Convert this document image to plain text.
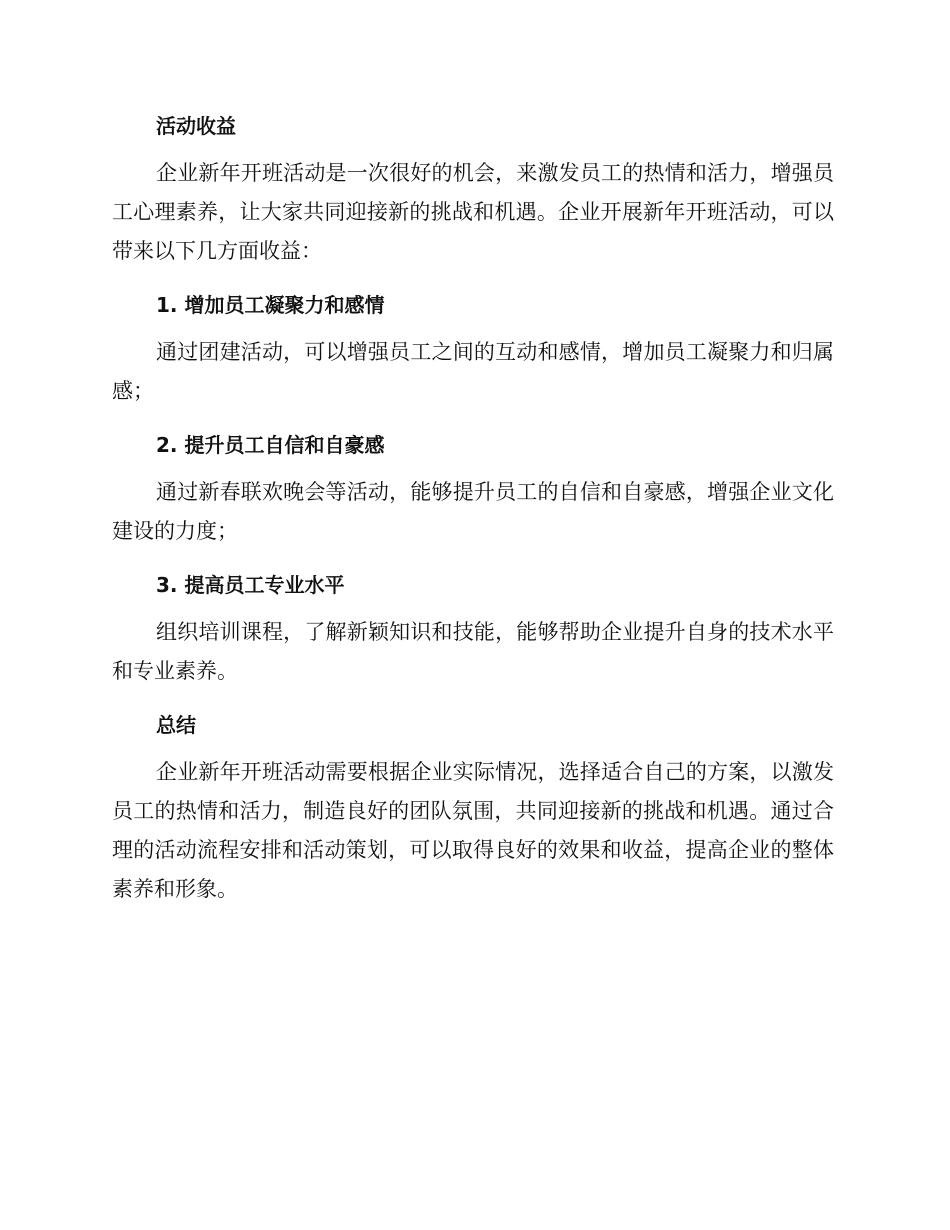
活动收益

企业新年开班活动是一次很好的机会，来激发员工的热情和活力，增强员工心理素养，让大家共同迎接新的挑战和机遇。企业开展新年开班活动，可以带来以下几方面收益：

1. 增加员工凝聚力和感情

通过团建活动，可以增强员工之间的互动和感情，增加员工凝聚力和归属感；

2. 提升员工自信和自豪感

通过新春联欢晚会等活动，能够提升员工的自信和自豪感，增强企业文化建设的力度；

3. 提高员工专业水平

组织培训课程，了解新颖知识和技能，能够帮助企业提升自身的技术水平和专业素养。

总结

企业新年开班活动需要根据企业实际情况，选择适合自己的方案，以激发员工的热情和活力，制造良好的团队氛围，共同迎接新的挑战和机遇。通过合理的活动流程安排和活动策划，可以取得良好的效果和收益，提高企业的整体素养和形象。
